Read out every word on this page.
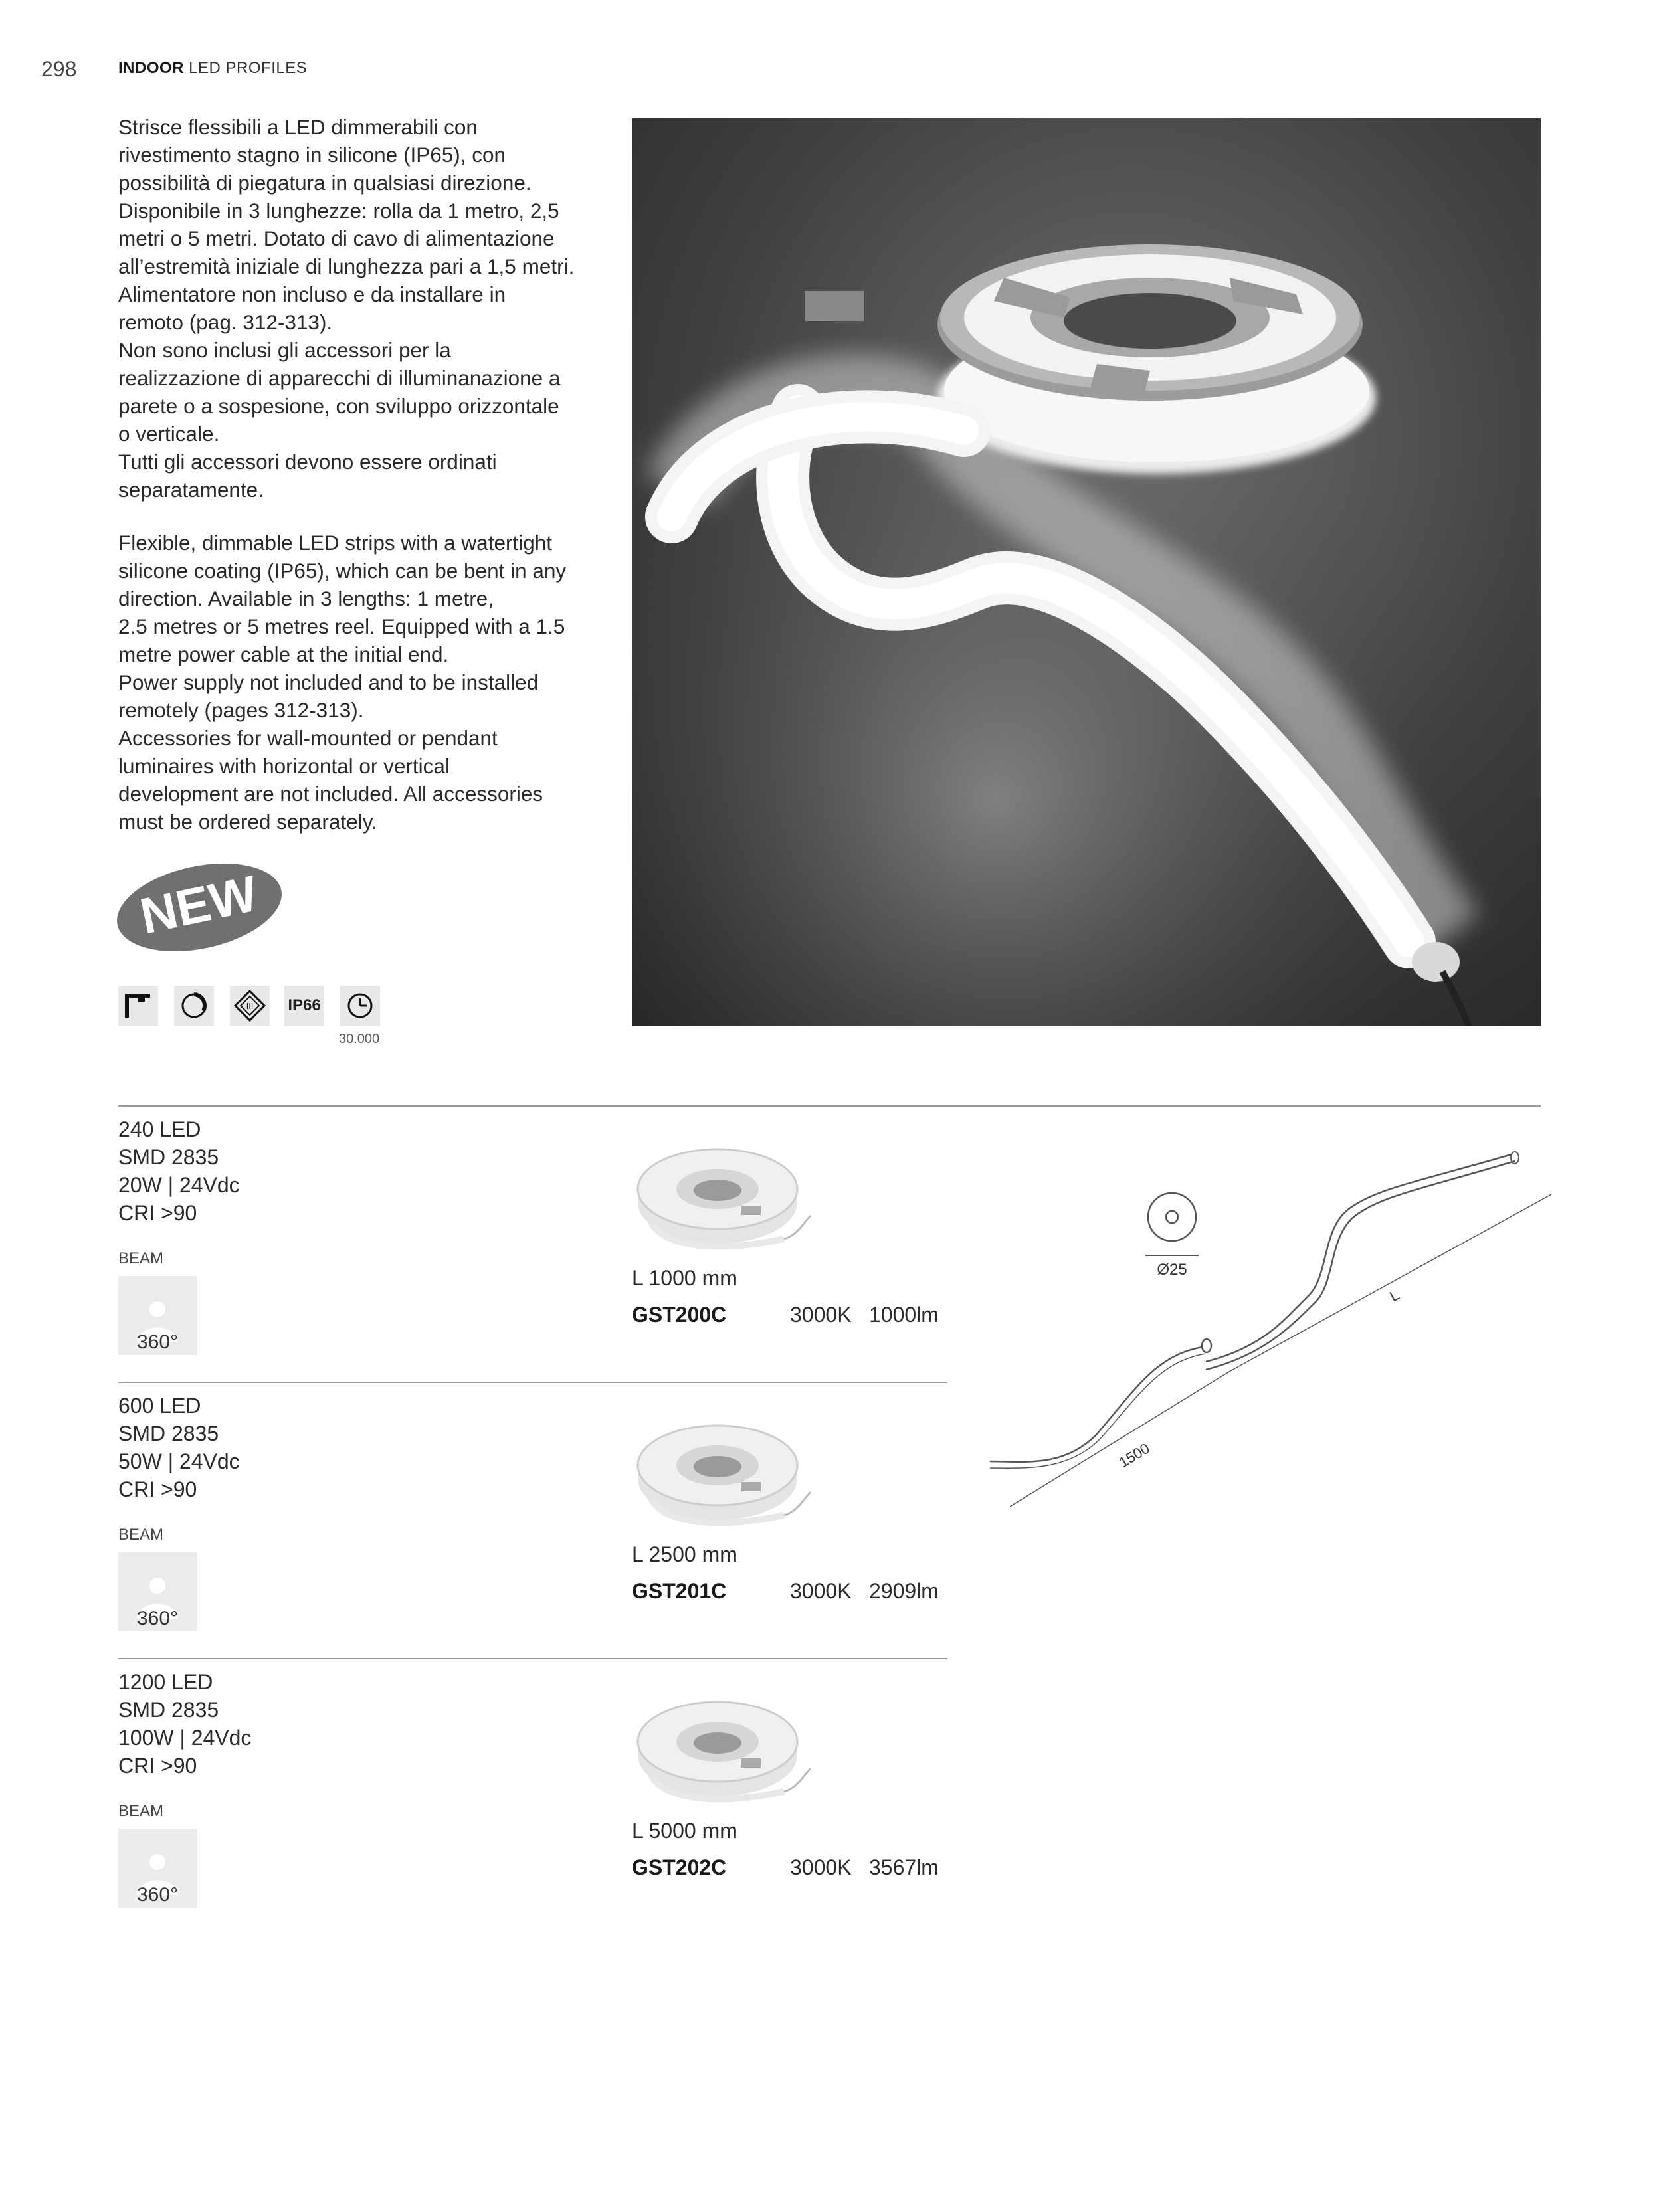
298	INDOOR LED PROFILES

Strisce flessibili a LED dimmerabili con
rivestimento stagno in silicone (IP65), con
possibilità di piegatura in qualsiasi direzione.
Disponibile in 3 lunghezze: rolla da 1 metro, 2,5
metri o 5 metri. Dotato di cavo di alimentazione
all’estremità iniziale di lunghezza pari a 1,5 metri.
Alimentatore non incluso e da installare in
remoto (pag. 312-313).
Non sono inclusi gli accessori per la
realizzazione di apparecchi di illuminanazione a
parete o a sospesione, con sviluppo orizzontale
o verticale.
Tutti gli accessori devono essere ordinati
separatamente.

Flexible, dimmable LED strips with a watertight
silicone coating (IP65), which can be bent in any
direction. Available in 3 lengths: 1 metre,
2.5 metres or 5 metres reel. Equipped with a 1.5
metre power cable at the initial end.
Power supply not included and to be installed
remotely (pages 312-313).
Accessories for wall-mounted or pendant
luminaires with horizontal or vertical
development are not included. All accessories
must be ordered separately.

NEW
III IP66
30.000
240 LED
SMD 2835
20W | 24Vdc
CRI >90
BEAM
360°
L 1000 mm
GST200C	3000K 1000lm
600 LED
SMD 2835
50W | 24Vdc
CRI >90
BEAM
360°
L 2500 mm
GST201C	3000K 2909lm
1200 LED
SMD 2835
100W | 24Vdc
CRI >90
BEAM
360°
L 5000 mm
GST202C	3000K 3567lm
Ø25
L
1500
